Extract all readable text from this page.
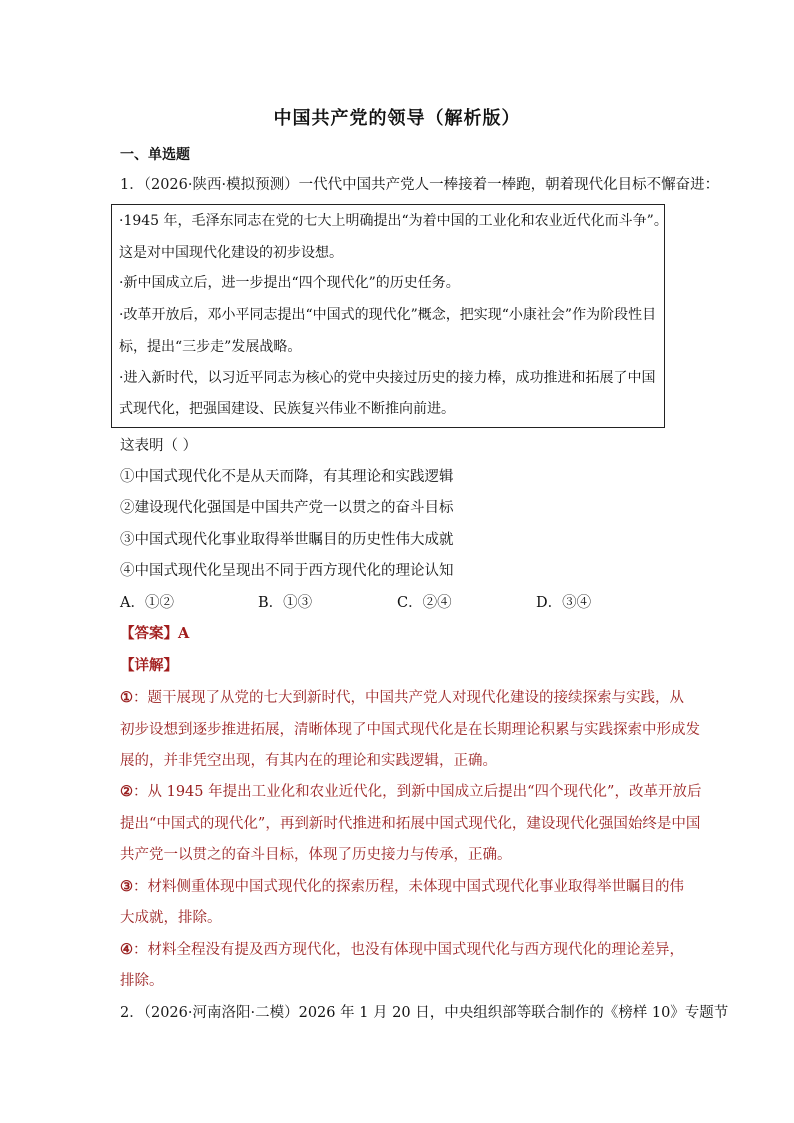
中国共产党的领导（解析版）
一、单选题
1．（2026·陕西·模拟预测）一代代中国共产党人一棒接着一棒跑，朝着现代化目标不懈奋进：
·1945 年，毛泽东同志在党的七大上明确提出“为着中国的工业化和农业近代化而斗争”。
这是对中国现代化建设的初步设想。
·新中国成立后，进一步提出“四个现代化”的历史任务。
·改革开放后，邓小平同志提出“中国式的现代化”概念，把实现“小康社会”作为阶段性目
标，提出“三步走”发展战略。
·进入新时代，以习近平同志为核心的党中央接过历史的接力棒，成功推进和拓展了中国
式现代化，把强国建设、民族复兴伟业不断推向前进。
这表明（ ）
①中国式现代化不是从天而降，有其理论和实践逻辑
②建设现代化强国是中国共产党一以贯之的奋斗目标
③中国式现代化事业取得举世瞩目的历史性伟大成就
④中国式现代化呈现出不同于西方现代化的理论认知
A．①②	B．①③	C．②④	D．③④
【答案】A
【详解】
①：题干展现了从党的七大到新时代，中国共产党人对现代化建设的接续探索与实践，从
初步设想到逐步推进拓展，清晰体现了中国式现代化是在长期理论积累与实践探索中形成发
展的，并非凭空出现，有其内在的理论和实践逻辑，正确。
②：从 1945 年提出工业化和农业近代化，到新中国成立后提出“四个现代化”，改革开放后
提出“中国式的现代化”，再到新时代推进和拓展中国式现代化，建设现代化强国始终是中国
共产党一以贯之的奋斗目标，体现了历史接力与传承，正确。
③：材料侧重体现中国式现代化的探索历程，未体现中国式现代化事业取得举世瞩目的伟
大成就，排除。
④：材料全程没有提及西方现代化，也没有体现中国式现代化与西方现代化的理论差异，
排除。
2．（2026·河南洛阳·二模）2026 年 1 月 20 日，中央组织部等联合制作的《榜样 10》专题节
